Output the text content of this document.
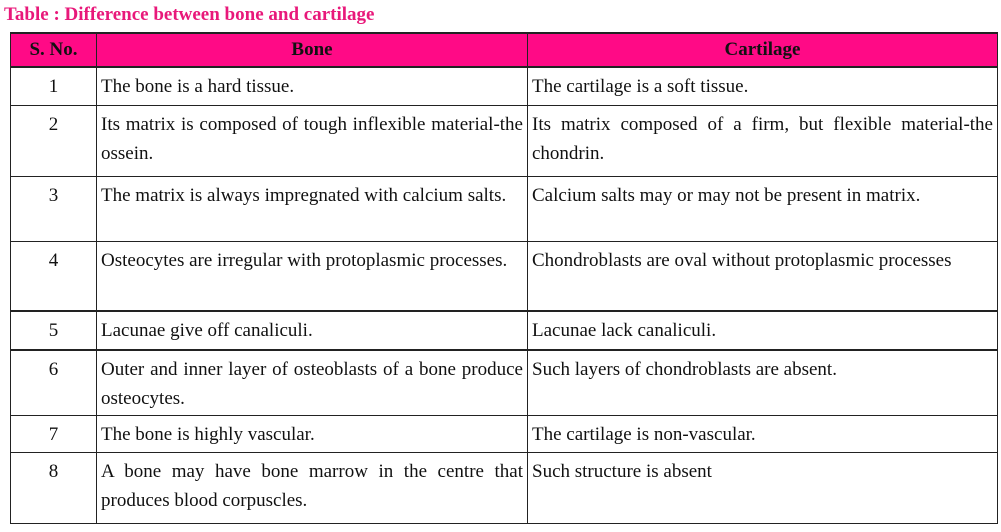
Table : Difference between bone and cartilage
S. No.	Bone	Cartilage
1	The bone is a hard tissue.	The cartilage is a soft tissue.
2	Its matrix is composed of tough inflexible material-the ossein.	Its matrix composed of a firm, but flexible material-the chondrin.
3	The matrix is always impregnated with calcium salts.	Calcium salts may or may not be present in matrix.
4	Osteocytes are irregular with protoplasmic processes.	Chondroblasts are oval without protoplasmic processes
5	Lacunae give off canaliculi.	Lacunae lack canaliculi.
6	Outer and inner layer of osteoblasts of a bone produce osteocytes.	Such layers of chondroblasts are absent.
7	The bone is highly vascular.	The cartilage is non-vascular.
8	A bone may have bone marrow in the centre that produces blood corpuscles.	Such structure is absent
